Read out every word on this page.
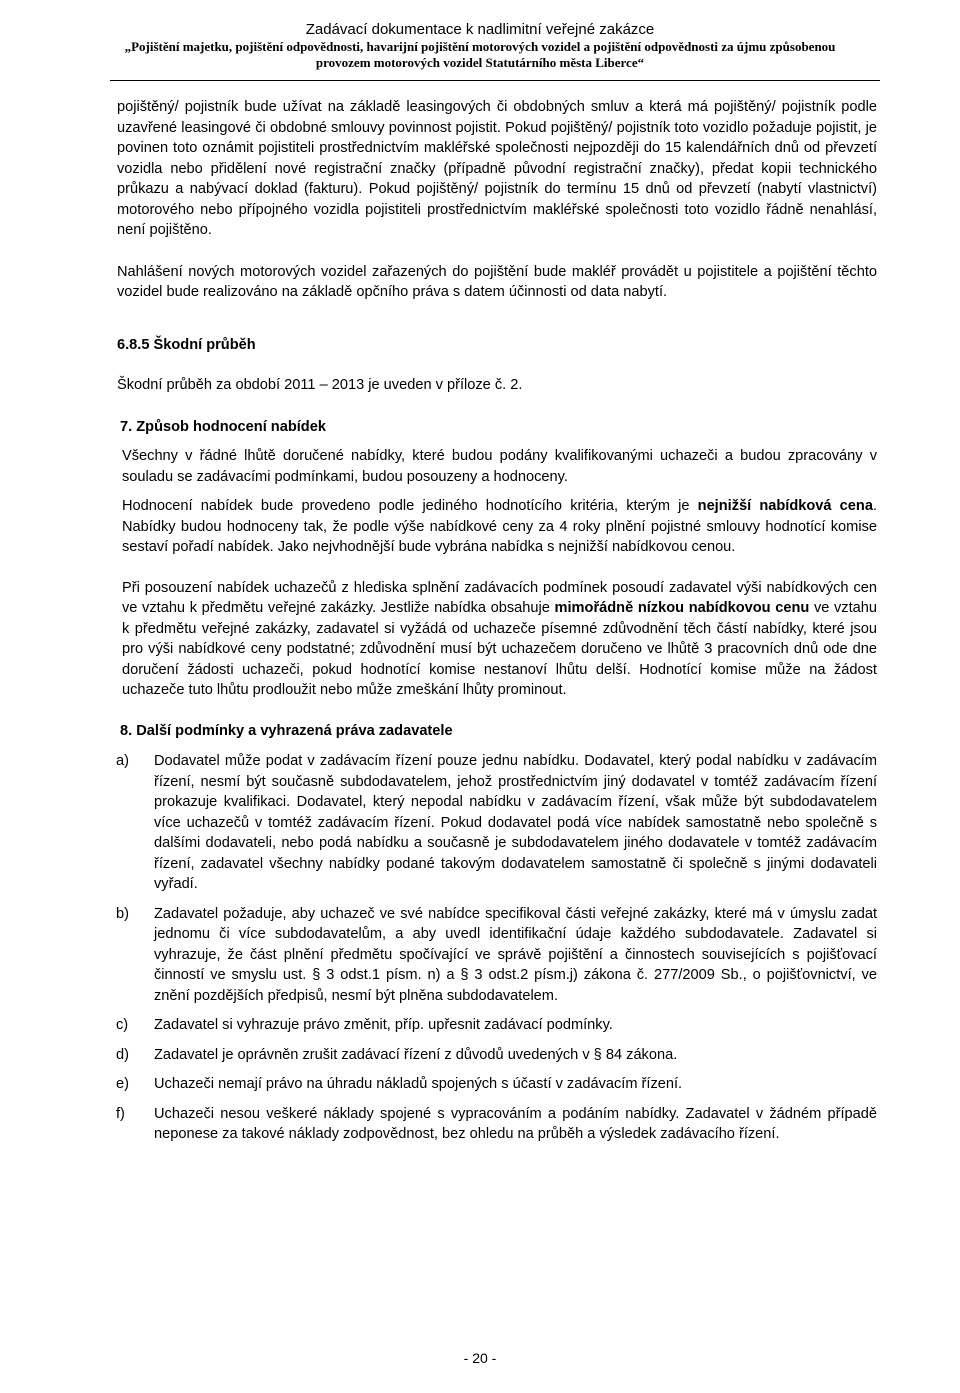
Zadávací dokumentace k nadlimitní veřejné zakázce
„Pojištění majetku, pojištění odpovědnosti, havarijní pojištění motorových vozidel a pojištění odpovědnosti za újmu způsobenou
provozem motorových vozidel Statutárního města Liberce“

pojištěný/ pojistník bude užívat na základě leasingových či obdobných smluv a která má pojištěný/ pojistník podle uzavřené leasingové či obdobné smlouvy povinnost pojistit. Pokud pojištěný/ pojistník toto vozidlo požaduje pojistit, je povinen toto oznámit pojistiteli prostřednictvím makléřské společnosti nejpozději do 15 kalendářních dnů od převzetí vozidla nebo přidělení nové registrační značky (případně původní registrační značky), předat kopii technického průkazu a nabývací doklad (fakturu). Pokud pojištěný/ pojistník do termínu 15 dnů od převzetí (nabytí vlastnictví) motorového nebo přípojného vozidla pojistiteli prostřednictvím makléřské společnosti toto vozidlo řádně nenahlásí, není pojištěno.

Nahlášení nových motorových vozidel zařazených do pojištění bude makléř provádět u pojistitele a pojištění těchto vozidel bude realizováno na základě opčního práva s datem účinnosti od data nabytí.

6.8.5 Škodní průběh

Škodní průběh za období 2011 – 2013 je uveden v příloze č. 2.

7. Způsob hodnocení nabídek

Všechny v řádné lhůtě doručené nabídky, které budou podány kvalifikovanými uchazeči a budou zpracovány v souladu se zadávacími podmínkami, budou posouzeny a hodnoceny.

Hodnocení nabídek bude provedeno podle jediného hodnotícího kritéria, kterým je nejnižší nabídková cena. Nabídky budou hodnoceny tak, že podle výše nabídkové ceny za 4 roky plnění pojistné smlouvy hodnotící komise sestaví pořadí nabídek. Jako nejvhodnější bude vybrána nabídka s nejnižší nabídkovou cenou.

Při posouzení nabídek uchazečů z hlediska splnění zadávacích podmínek posoudí zadavatel výši nabídkových cen ve vztahu k předmětu veřejné zakázky. Jestliže nabídka obsahuje mimořádně nízkou nabídkovou cenu ve vztahu k předmětu veřejné zakázky, zadavatel si vyžádá od uchazeče písemné zdůvodnění těch částí nabídky, které jsou pro výši nabídkové ceny podstatné; zdůvodnění musí být uchazečem doručeno ve lhůtě 3 pracovních dnů ode dne doručení žádosti uchazeči, pokud hodnotící komise nestanoví lhůtu delší. Hodnotící komise může na žádost uchazeče tuto lhůtu prodloužit nebo může zmeškání lhůty prominout.

8. Další podmínky a vyhrazená práva zadavatele

a) Dodavatel může podat v zadávacím řízení pouze jednu nabídku. Dodavatel, který podal nabídku v zadávacím řízení, nesmí být současně subdodavatelem, jehož prostřednictvím jiný dodavatel v tomtéž zadávacím řízení prokazuje kvalifikaci. Dodavatel, který nepodal nabídku v zadávacím řízení, však může být subdodavatelem více uchazečů v tomtéž zadávacím řízení. Pokud dodavatel podá více nabídek samostatně nebo společně s dalšími dodavateli, nebo podá nabídku a současně je subdodavatelem jiného dodavatele v tomtéž zadávacím řízení, zadavatel všechny nabídky podané takovým dodavatelem samostatně či společně s jinými dodavateli vyřadí.
b) Zadavatel požaduje, aby uchazeč ve své nabídce specifikoval části veřejné zakázky, které má v úmyslu zadat jednomu či více subdodavatelům, a aby uvedl identifikační údaje každého subdodavatele. Zadavatel si vyhrazuje, že část plnění předmětu spočívající ve správě pojištění a činnostech souvisejících s pojišťovací činností ve smyslu ust. § 3 odst.1 písm. n) a § 3 odst.2 písm.j) zákona č. 277/2009 Sb., o pojišťovnictví, ve znění pozdějších předpisů, nesmí být plněna subdodavatelem.
c) Zadavatel si vyhrazuje právo změnit, příp. upřesnit zadávací podmínky.
d) Zadavatel je oprávněn zrušit zadávací řízení z důvodů uvedených v § 84 zákona.
e) Uchazeči nemají právo na úhradu nákladů spojených s účastí v zadávacím řízení.
f) Uchazeči nesou veškeré náklady spojené s vypracováním a podáním nabídky. Zadavatel v žádném případě neponese za takové náklady zodpovědnost, bez ohledu na průběh a výsledek zadávacího řízení.
- 20 -
